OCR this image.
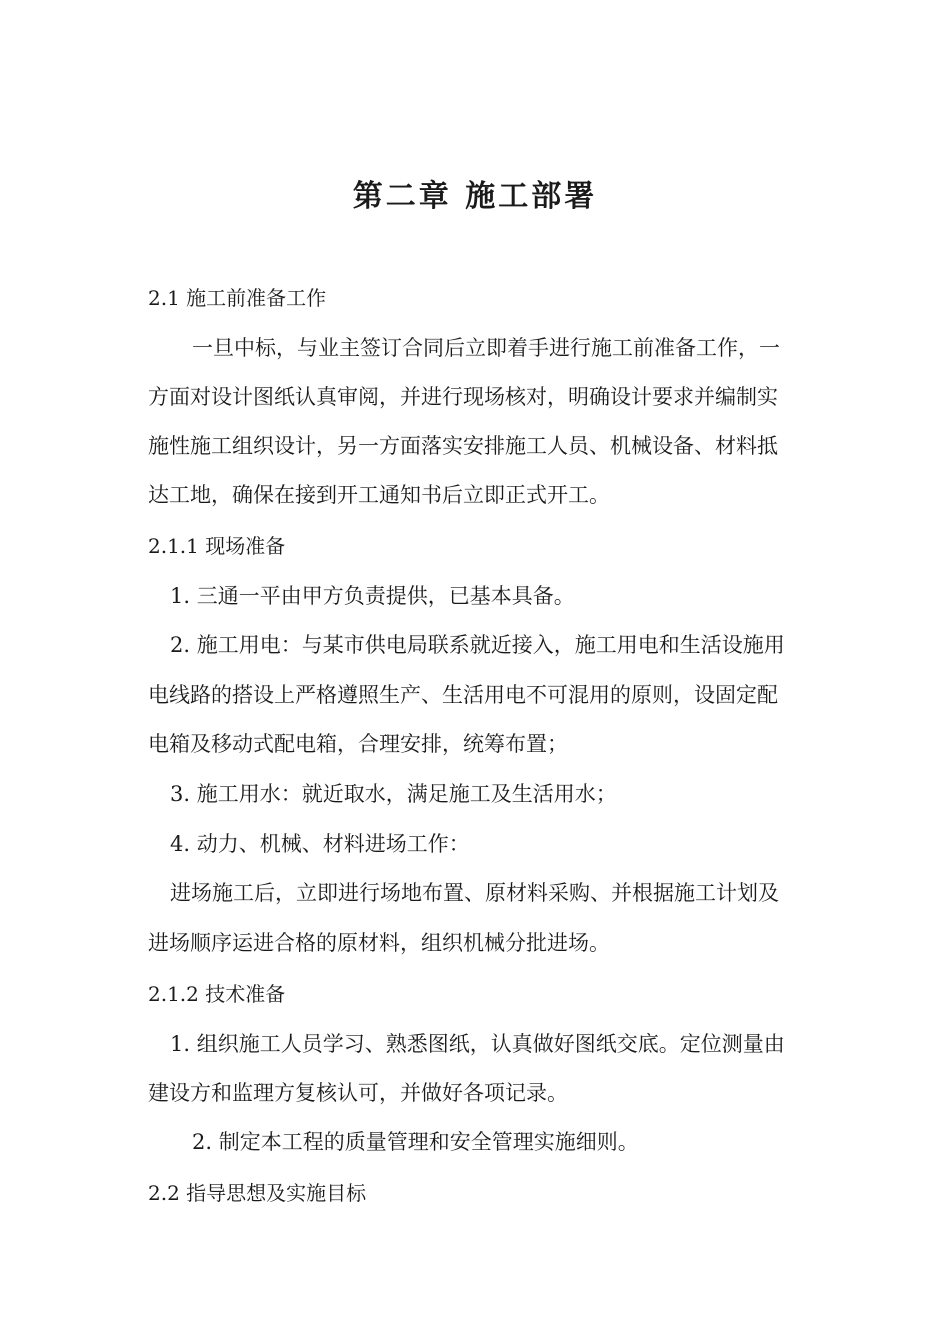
第二章 施工部署

2.1 施工前准备工作

一旦中标，与业主签订合同后立即着手进行施工前准备工作，一

方面对设计图纸认真审阅，并进行现场核对，明确设计要求并编制实

施性施工组织设计，另一方面落实安排施工人员、机械设备、材料抵

达工地，确保在接到开工通知书后立即正式开工。

2.1.1 现场准备

1. 三通一平由甲方负责提供，已基本具备。

2. 施工用电：与某市供电局联系就近接入，施工用电和生活设施用

电线路的搭设上严格遵照生产、生活用电不可混用的原则，设固定配

电箱及移动式配电箱，合理安排，统筹布置；

3. 施工用水：就近取水，满足施工及生活用水；

4. 动力、机械、材料进场工作：

进场施工后，立即进行场地布置、原材料采购、并根据施工计划及

进场顺序运进合格的原材料，组织机械分批进场。

2.1.2 技术准备

1. 组织施工人员学习、熟悉图纸，认真做好图纸交底。定位测量由

建设方和监理方复核认可，并做好各项记录。

2. 制定本工程的质量管理和安全管理实施细则。

2.2 指导思想及实施目标
